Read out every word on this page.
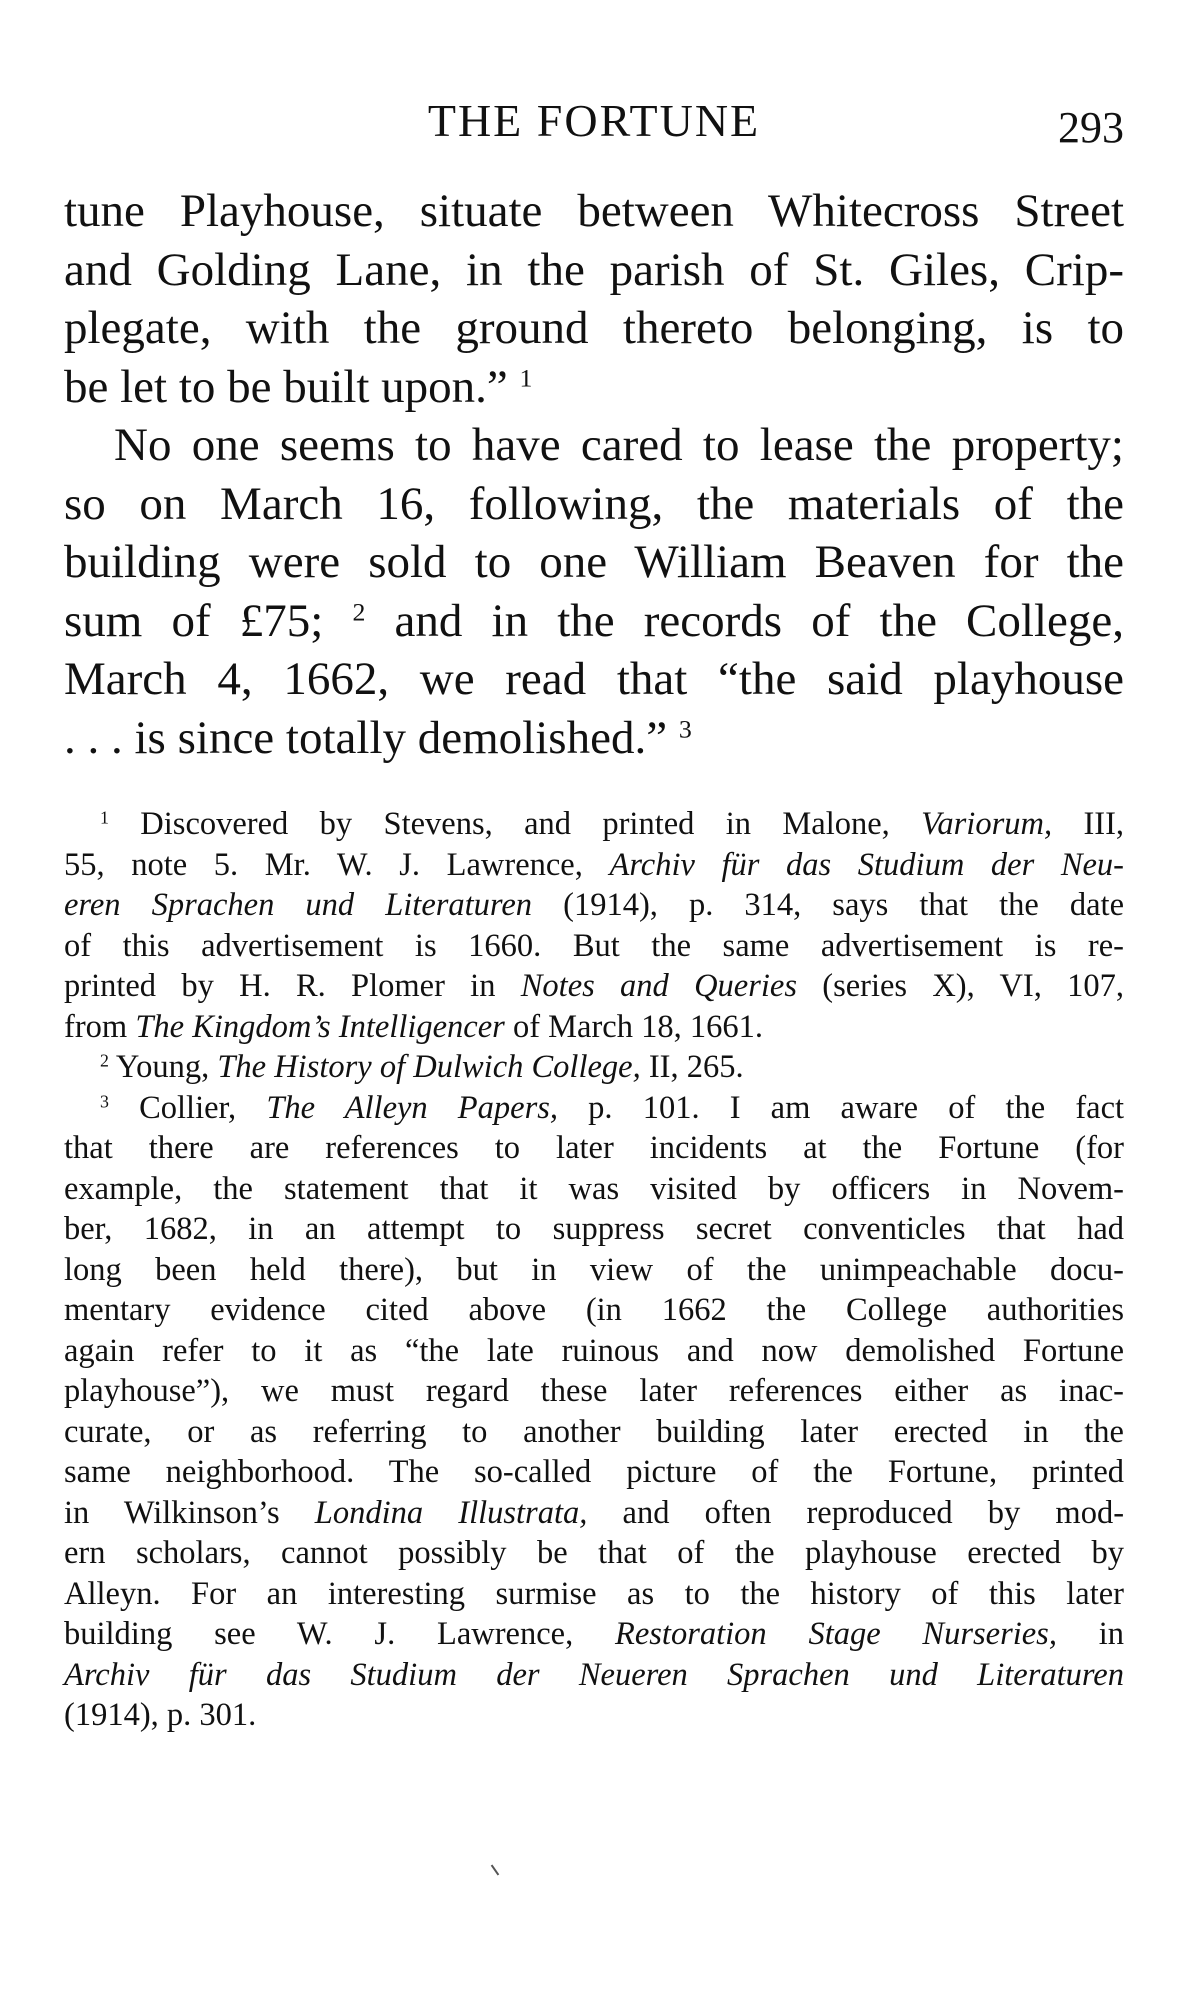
THE FORTUNE	293
tune Playhouse, situate between Whitecross Street
and Golding Lane, in the parish of St. Giles, Crip-
plegate, with the ground thereto belonging, is to
be let to be built upon.” $^1$
No one seems to have cared to lease the property;
so on March 16, following, the materials of the
building were sold to one William Beaven for the
sum of £75; $^2$ and in the records of the College,
March 4, 1662, we read that “the said playhouse
. . . is since totally demolished.” $^3$
$^1$ Discovered by Stevens, and printed in Malone, Variorum, III,
55, note 5. Mr. W. J. Lawrence, Archiv für das Studium der Neu-
eren Sprachen und Literaturen (1914), p. 314, says that the date
of this advertisement is 1660. But the same advertisement is re-
printed by H. R. Plomer in Notes and Queries (series X), VI, 107,
from The Kingdom’s Intelligencer of March 18, 1661.
$^2$ Young, The History of Dulwich College, II, 265.
$^3$ Collier, The Alleyn Papers, p. 101. I am aware of the fact
that there are references to later incidents at the Fortune (for
example, the statement that it was visited by officers in Novem-
ber, 1682, in an attempt to suppress secret conventicles that had
long been held there), but in view of the unimpeachable docu-
mentary evidence cited above (in 1662 the College authorities
again refer to it as “the late ruinous and now demolished Fortune
playhouse”), we must regard these later references either as inac-
curate, or as referring to another building later erected in the
same neighborhood. The so-called picture of the Fortune, printed
in Wilkinson’s Londina Illustrata, and often reproduced by mod-
ern scholars, cannot possibly be that of the playhouse erected by
Alleyn. For an interesting surmise as to the history of this later
building see W. J. Lawrence, Restoration Stage Nurseries, in
Archiv für das Studium der Neueren Sprachen und Literaturen
(1914), p. 301.
